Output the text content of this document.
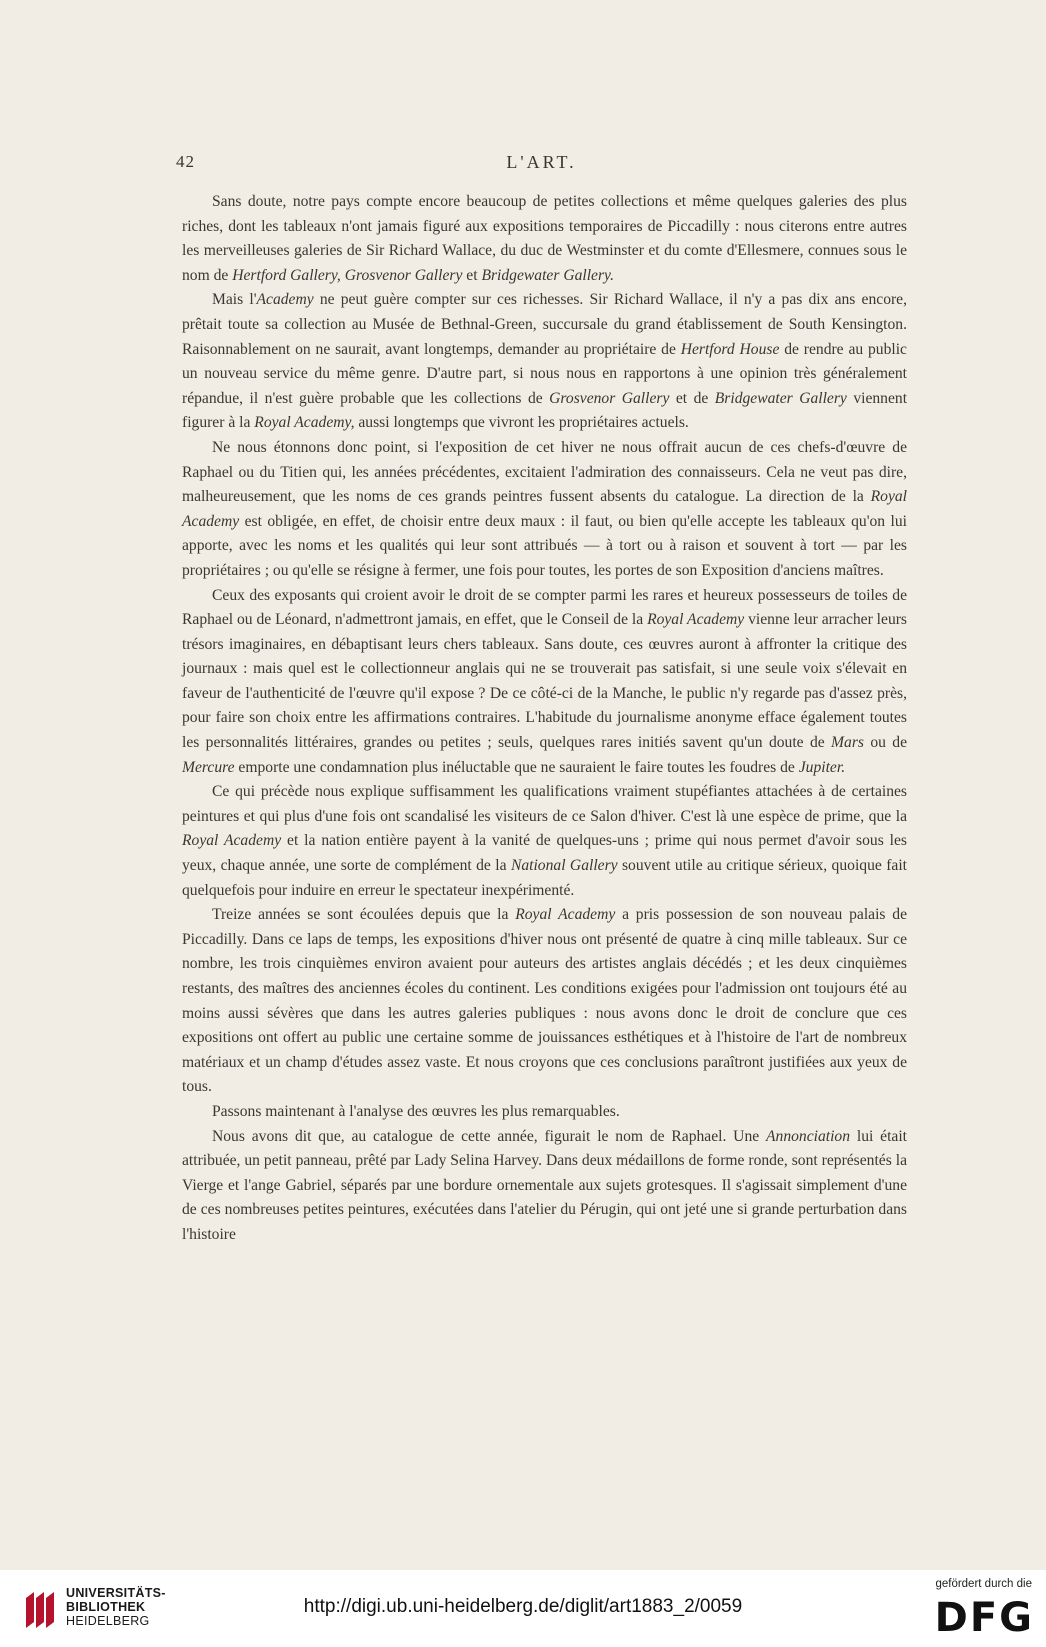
42	L'ART.

Sans doute, notre pays compte encore beaucoup de petites collections et même quelques galeries des plus riches, dont les tableaux n'ont jamais figuré aux expositions temporaires de Piccadilly : nous citerons entre autres les merveilleuses galeries de Sir Richard Wallace, du duc de Westminster et du comte d'Ellesmere, connues sous le nom de Hertford Gallery, Grosvenor Gallery et Bridgewater Gallery.

Mais l'Academy ne peut guère compter sur ces richesses. Sir Richard Wallace, il n'y a pas dix ans encore, prêtait toute sa collection au Musée de Bethnal-Green, succursale du grand établissement de South Kensington. Raisonnablement on ne saurait, avant longtemps, demander au propriétaire de Hertford House de rendre au public un nouveau service du même genre. D'autre part, si nous nous en rapportons à une opinion très généralement répandue, il n'est guère probable que les collections de Grosvenor Gallery et de Bridgewater Gallery viennent figurer à la Royal Academy, aussi longtemps que vivront les propriétaires actuels.

Ne nous étonnons donc point, si l'exposition de cet hiver ne nous offrait aucun de ces chefs-d'œuvre de Raphael ou du Titien qui, les années précédentes, excitaient l'admiration des connaisseurs. Cela ne veut pas dire, malheureusement, que les noms de ces grands peintres fussent absents du catalogue. La direction de la Royal Academy est obligée, en effet, de choisir entre deux maux : il faut, ou bien qu'elle accepte les tableaux qu'on lui apporte, avec les noms et les qualités qui leur sont attribués — à tort ou à raison et souvent à tort — par les propriétaires ; ou qu'elle se résigne à fermer, une fois pour toutes, les portes de son Exposition d'anciens maîtres.

Ceux des exposants qui croient avoir le droit de se compter parmi les rares et heureux possesseurs de toiles de Raphael ou de Léonard, n'admettront jamais, en effet, que le Conseil de la Royal Academy vienne leur arracher leurs trésors imaginaires, en débaptisant leurs chers tableaux. Sans doute, ces œuvres auront à affronter la critique des journaux : mais quel est le collectionneur anglais qui ne se trouverait pas satisfait, si une seule voix s'élevait en faveur de l'authenticité de l'œuvre qu'il expose ? De ce côté-ci de la Manche, le public n'y regarde pas d'assez près, pour faire son choix entre les affirmations contraires. L'habitude du journalisme anonyme efface également toutes les personnalités littéraires, grandes ou petites ; seuls, quelques rares initiés savent qu'un doute de Mars ou de Mercure emporte une condamnation plus inéluctable que ne sauraient le faire toutes les foudres de Jupiter.

Ce qui précède nous explique suffisamment les qualifications vraiment stupéfiantes attachées à de certaines peintures et qui plus d'une fois ont scandalisé les visiteurs de ce Salon d'hiver. C'est là une espèce de prime, que la Royal Academy et la nation entière payent à la vanité de quelques-uns ; prime qui nous permet d'avoir sous les yeux, chaque année, une sorte de complément de la National Gallery souvent utile au critique sérieux, quoique fait quelquefois pour induire en erreur le spectateur inexpérimenté.

Treize années se sont écoulées depuis que la Royal Academy a pris possession de son nouveau palais de Piccadilly. Dans ce laps de temps, les expositions d'hiver nous ont présenté de quatre à cinq mille tableaux. Sur ce nombre, les trois cinquièmes environ avaient pour auteurs des artistes anglais décédés ; et les deux cinquièmes restants, des maîtres des anciennes écoles du continent. Les conditions exigées pour l'admission ont toujours été au moins aussi sévères que dans les autres galeries publiques : nous avons donc le droit de conclure que ces expositions ont offert au public une certaine somme de jouissances esthétiques et à l'histoire de l'art de nombreux matériaux et un champ d'études assez vaste. Et nous croyons que ces conclusions paraîtront justifiées aux yeux de tous.

Passons maintenant à l'analyse des œuvres les plus remarquables.

Nous avons dit que, au catalogue de cette année, figurait le nom de Raphael. Une Annonciation lui était attribuée, un petit panneau, prêté par Lady Selina Harvey. Dans deux médaillons de forme ronde, sont représentés la Vierge et l'ange Gabriel, séparés par une bordure ornementale aux sujets grotesques. Il s'agissait simplement d'une de ces nombreuses petites peintures, exécutées dans l'atelier du Pérugin, qui ont jeté une si grande perturbation dans l'histoire

UNIVERSITÄTS-
BIBLIOTHEK
HEIDELBERG
http://digi.ub.uni-heidelberg.de/diglit/art1883_2/0059
gefördert durch die
DFG
